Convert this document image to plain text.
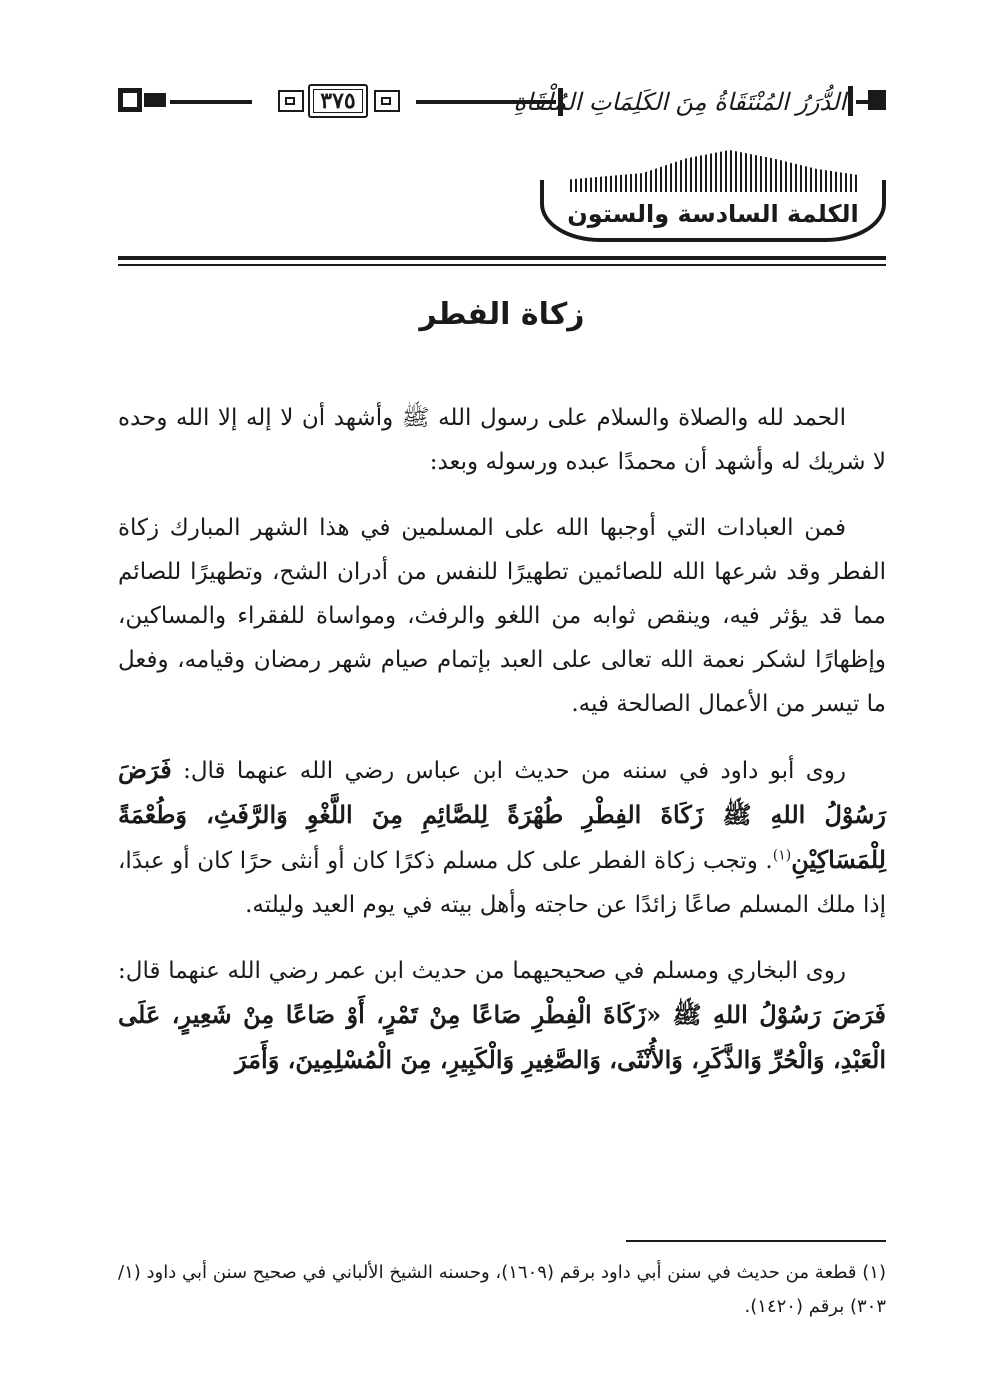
٣٧٥	الدُّرَرُ المُنْتَقَاةُ مِنَ الكَلِمَاتِ المُلْقَاةِ
الكلمة السادسة والستون
زكاة الفطر

الحمد لله والصلاة والسلام على رسول الله ﷺ وأشهد أن لا إله إلا الله وحده لا شريك له وأشهد أن محمدًا عبده ورسوله وبعد:

فمن العبادات التي أوجبها الله على المسلمين في هذا الشهر المبارك زكاة الفطر وقد شرعها الله للصائمين تطهيرًا للنفس من أدران الشح، وتطهيرًا للصائم مما قد يؤثر فيه، وينقص ثوابه من اللغو والرفث، ومواساة للفقراء والمساكين، وإظهارًا لشكر نعمة الله تعالى على العبد بإتمام صيام شهر رمضان وقيامه، وفعل ما تيسر من الأعمال الصالحة فيه.

روى أبو داود في سننه من حديث ابن عباس رضي الله عنهما قال: فَرَضَ رَسُوْلُ اللهِ ﷺ زَكَاةَ الفِطْرِ طُهْرَةً لِلصَّائِمِ مِنَ اللَّغْوِ وَالرَّفَثِ، وَطُعْمَةً لِلْمَسَاكِيْنِ$^{(١)}$. وتجب زكاة الفطر على كل مسلم ذكرًا كان أو أنثى حرًا كان أو عبدًا، إذا ملك المسلم صاعًا زائدًا عن حاجته وأهل بيته في يوم العيد وليلته.

روى البخاري ومسلم في صحيحيهما من حديث ابن عمر رضي الله عنهما قال: فَرَضَ رَسُوْلُ اللهِ ﷺ «زَكَاةَ الْفِطْرِ صَاعًا مِنْ تَمْرٍ، أَوْ صَاعًا مِنْ شَعِيرٍ، عَلَى الْعَبْدِ، وَالْحُرِّ وَالذَّكَرِ، وَالأُنْثَى، وَالصَّغِيرِ وَالْكَبِيرِ، مِنَ الْمُسْلِمِينَ، وَأَمَرَ

(١) قطعة من حديث في سنن أبي داود برقم (١٦٠٩)، وحسنه الشيخ الألباني في صحيح سنن أبي داود (١/ ٣٠٣) برقم (١٤٢٠).
